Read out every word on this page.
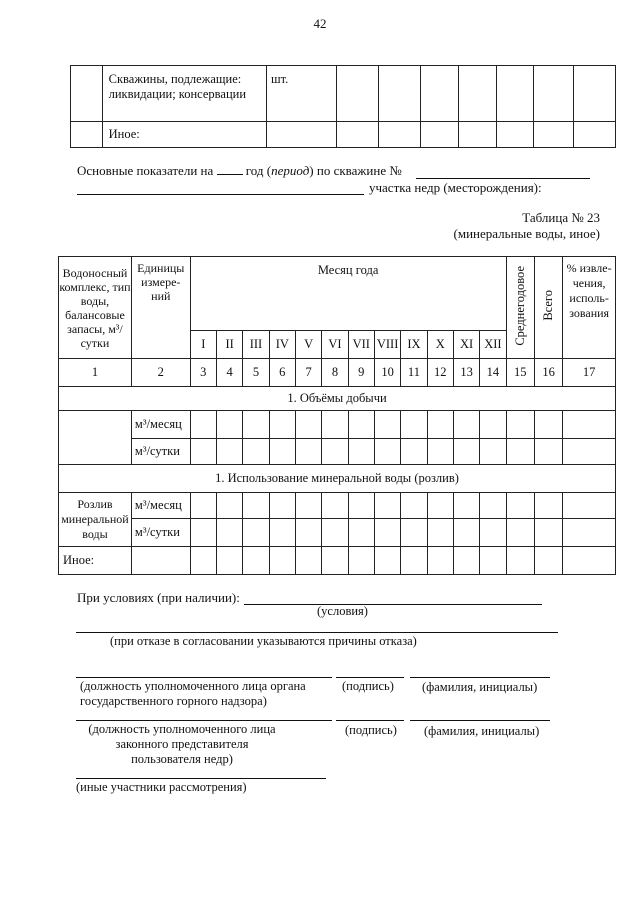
42
	Скважины, подлежащие: ликвидации; консервации	шт.							
	Иное:								
Основные показатели на	год (период) по скважине №
участка недр (месторождения):
Таблица № 23
(минеральные воды, иное)
Водоносный комплекс, тип воды, балансовые запасы, м³/сутки	Единицы измере-ний	Месяц года												Среднегодовое	Всего	% извле-чения, исполь-зования
		I	II	III	IV	V	VI	VII	VIII	IX	X	XI	XII			
1	2	3	4	5	6	7	8	9	10	11	12	13	14	15	16	17
1. Объёмы добычи																
	м³/месяц															
	м³/сутки															
1. Использование минеральной воды (розлив)																
Розлив минеральной воды	м³/месяц															
	м³/сутки															
Иное:																
При условиях (при наличии):
(условия)
(при отказе в согласовании указываются причины отказа)
(должность уполномоченного лица органа государственного горного надзора)
(подпись) (фамилия, инициалы)
(должность уполномоченного лица законного представителя пользователя недр)
(подпись) (фамилия, инициалы)
(иные участники рассмотрения)
